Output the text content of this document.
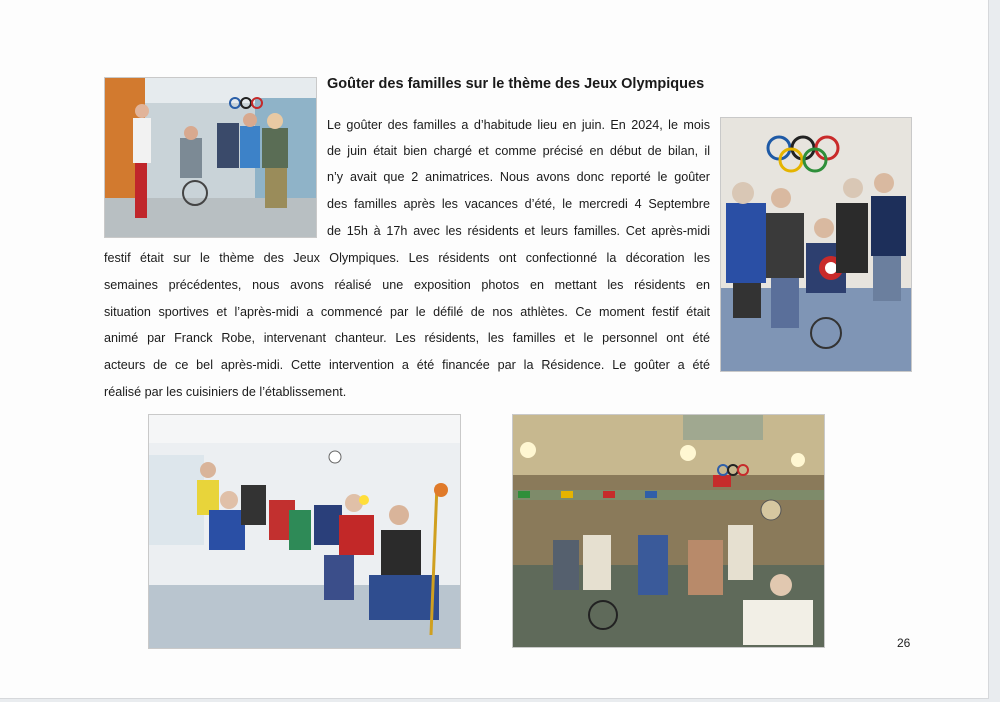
Goûter des familles sur le thème des Jeux Olympiques
Le goûter des familles a d’habitude lieu en juin. En 2024, le mois
de juin était bien chargé et comme précisé en début de bilan, il
n’y avait que 2 animatrices. Nous avons donc reporté le goûter
des familles après les vacances d’été, le mercredi 4 Septembre
de 15h à 17h avec les résidents et leurs familles. Cet après-midi
festif était sur le thème des Jeux Olympiques. Les résidents ont confectionné la décoration les
semaines précédentes, nous avons réalisé une exposition photos en mettant les résidents en
situation sportives et l’après-midi a commencé par le défilé de nos athlètes. Ce moment festif était
animé par Franck Robe, intervenant chanteur. Les résidents, les familles et le personnel ont été
acteurs de ce bel après-midi. Cette intervention a été financée par la Résidence. Le goûter a été
réalisé par les cuisiniers de l’établissement.
26
